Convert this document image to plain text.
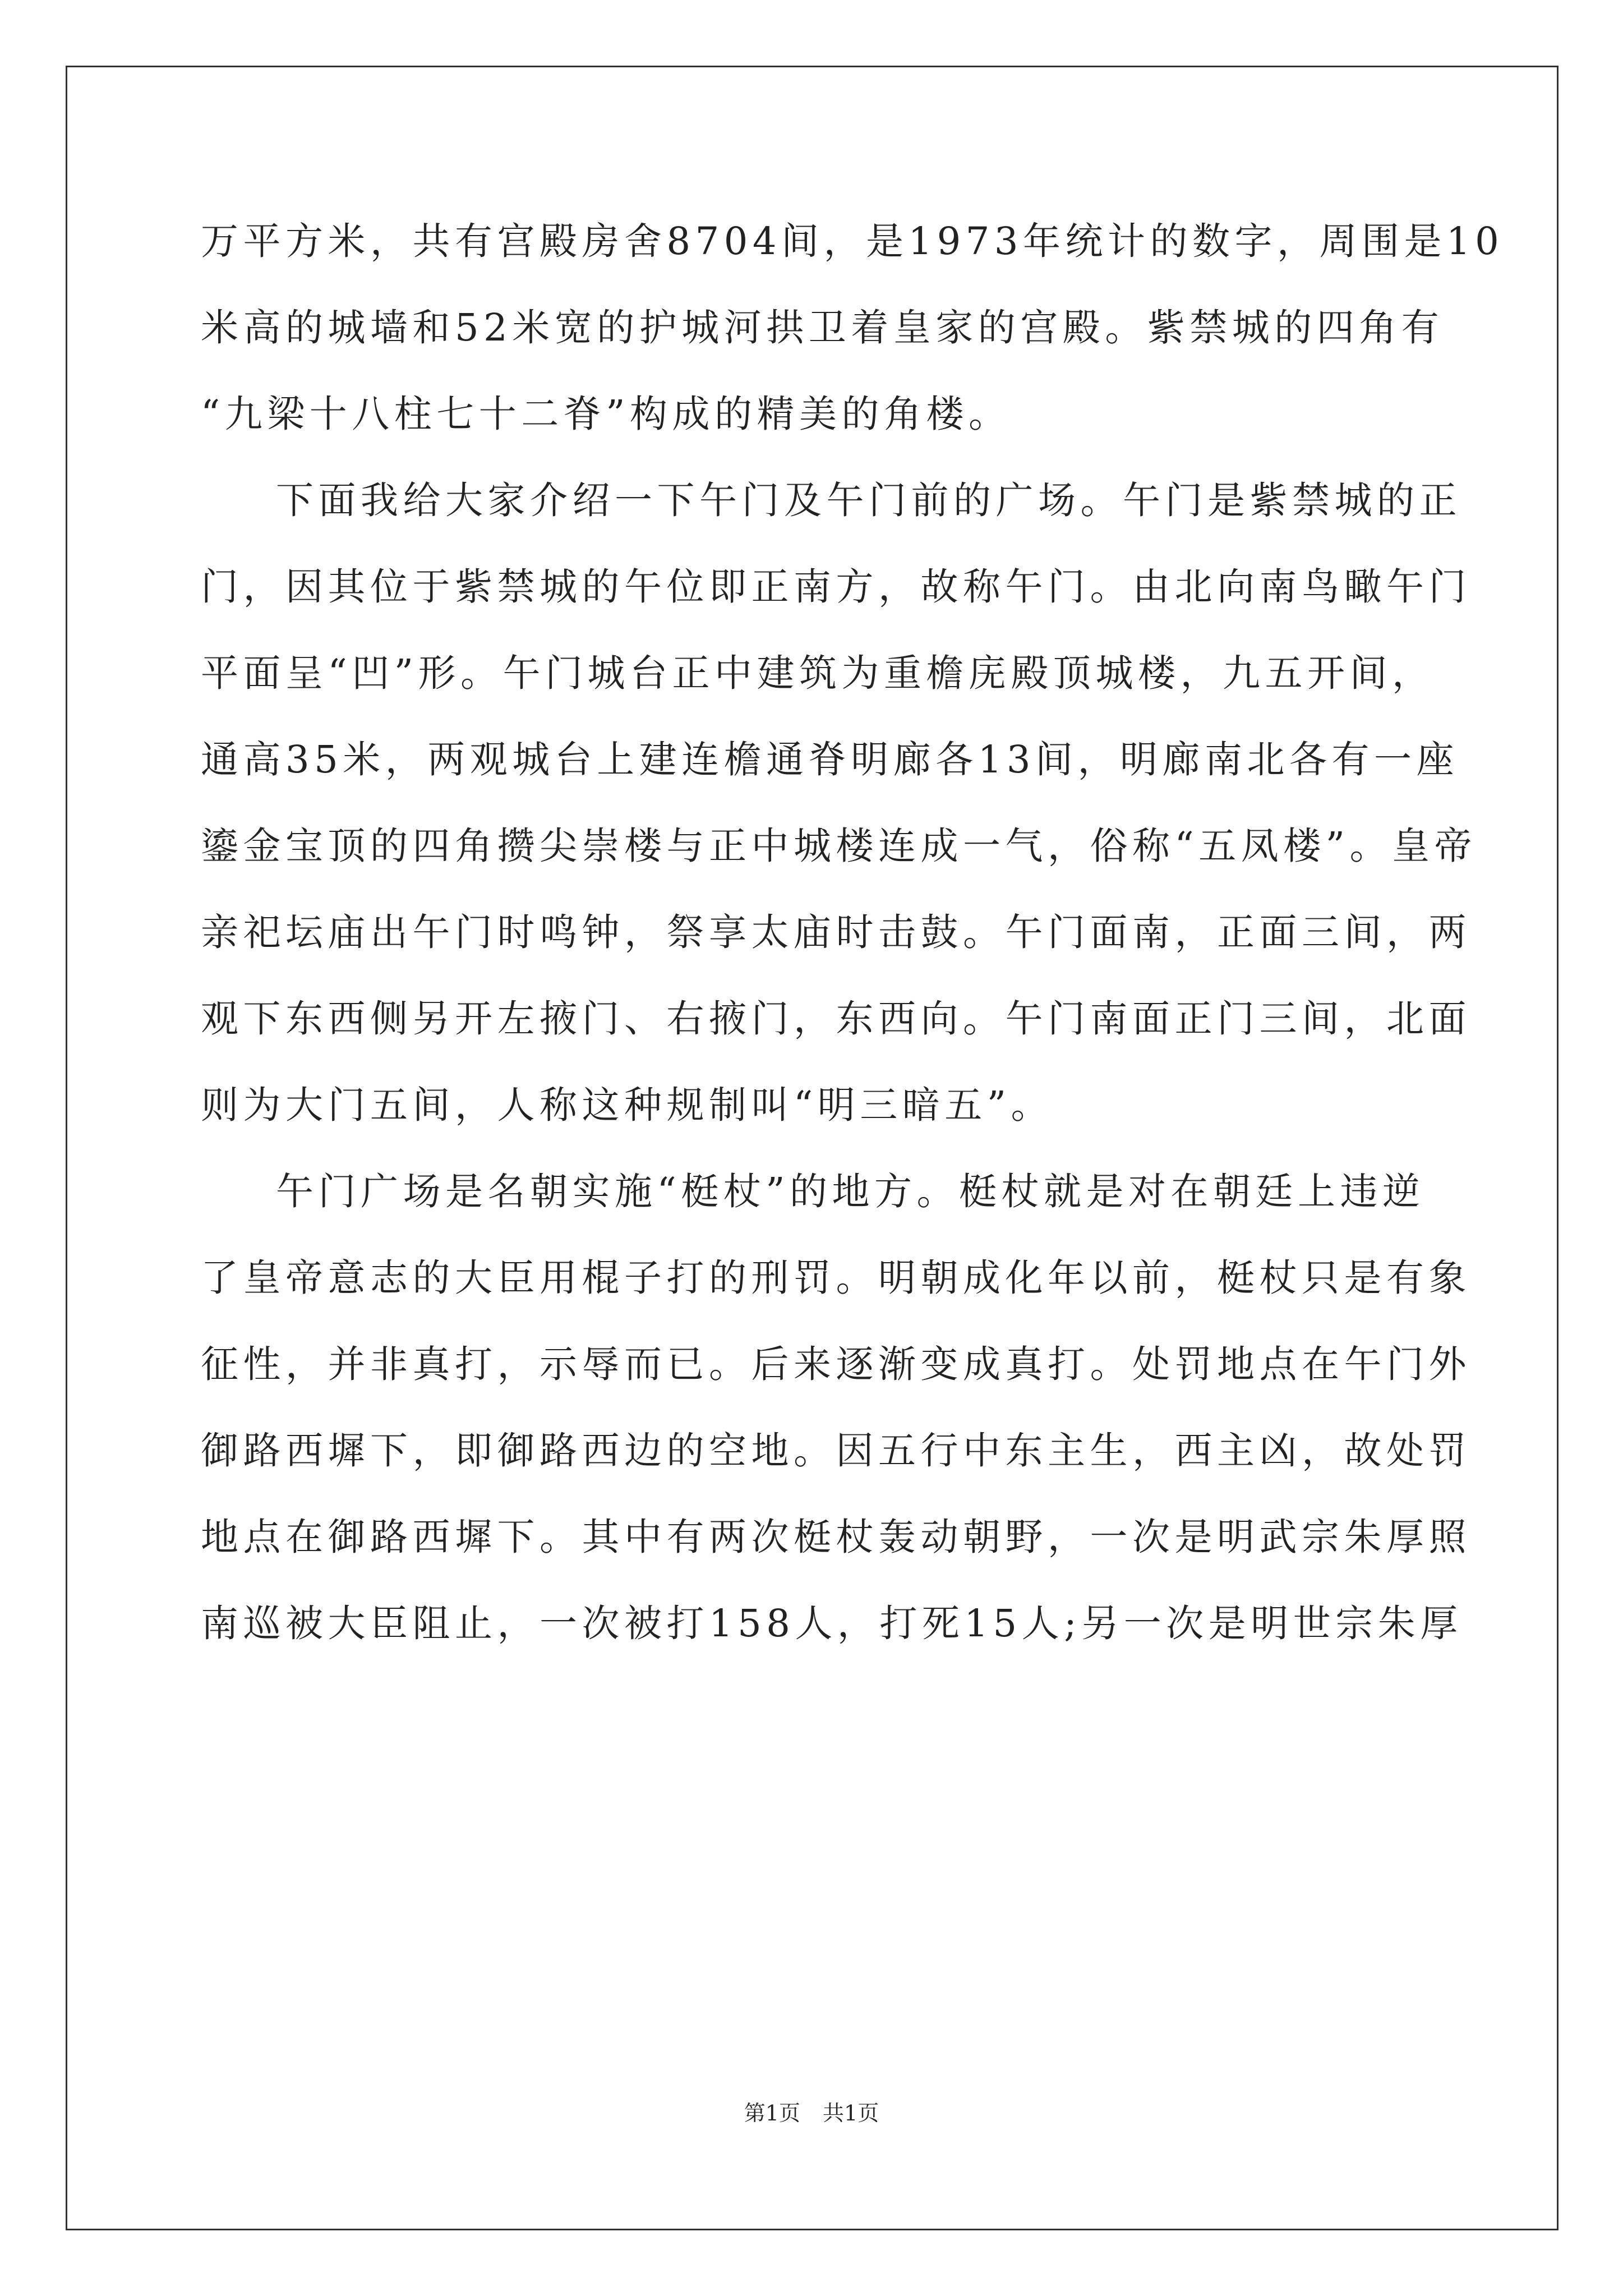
万平方米，共有宫殿房舍8704间，是1973年统计的数字，周围是10
米高的城墙和52米宽的护城河拱卫着皇家的宫殿。紫禁城的四角有
“九梁十八柱七十二脊”构成的精美的角楼。
下面我给大家介绍一下午门及午门前的广场。午门是紫禁城的正
门，因其位于紫禁城的午位即正南方，故称午门。由北向南鸟瞰午门
平面呈“凹”形。午门城台正中建筑为重檐庑殿顶城楼，九五开间，
通高35米，两观城台上建连檐通脊明廊各13间，明廊南北各有一座
鎏金宝顶的四角攒尖崇楼与正中城楼连成一气，俗称“五凤楼”。皇帝
亲祀坛庙出午门时鸣钟，祭享太庙时击鼓。午门面南，正面三间，两
观下东西侧另开左掖门、右掖门，东西向。午门南面正门三间，北面
则为大门五间，人称这种规制叫“明三暗五”。
午门广场是名朝实施“梃杖”的地方。梃杖就是对在朝廷上违逆
了皇帝意志的大臣用棍子打的刑罚。明朝成化年以前，梃杖只是有象
征性，并非真打，示辱而已。后来逐渐变成真打。处罚地点在午门外
御路西墀下，即御路西边的空地。因五行中东主生，西主凶，故处罚
地点在御路西墀下。其中有两次梃杖轰动朝野，一次是明武宗朱厚照
南巡被大臣阻止，一次被打158人，打死15人;另一次是明世宗朱厚
第1页 共1页
